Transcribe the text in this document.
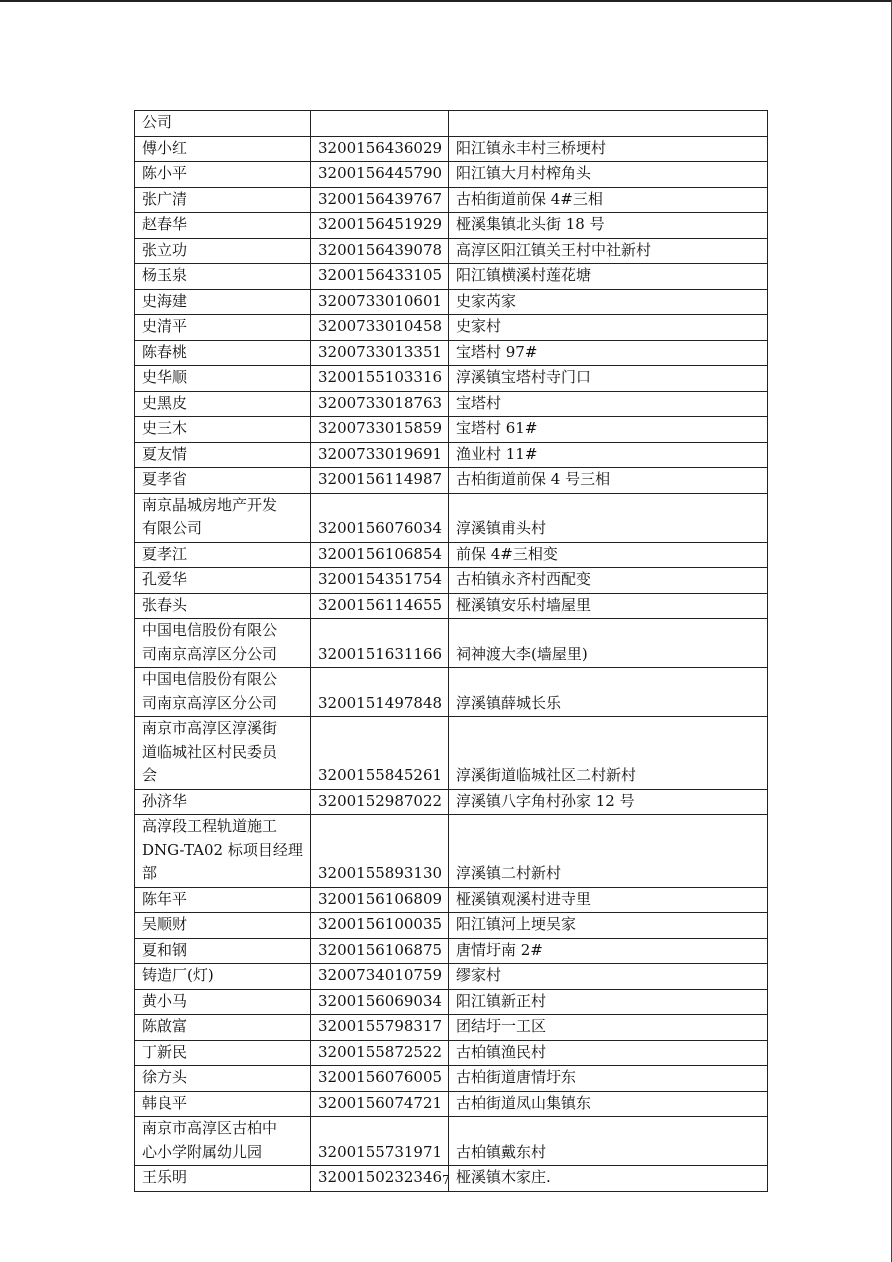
公司		
傅小红	3200156436029	阳江镇永丰村三桥埂村
陈小平	3200156445790	阳江镇大月村榨角头
张广清	3200156439767	古柏街道前保 4#三相
赵春华	3200156451929	桠溪集镇北头街 18 号
张立功	3200156439078	高淳区阳江镇关王村中社新村
杨玉泉	3200156433105	阳江镇横溪村莲花塘
史海建	3200733010601	史家芮家
史清平	3200733010458	史家村
陈春桃	3200733013351	宝塔村 97#
史华顺	3200155103316	淳溪镇宝塔村寺门口
史黑皮	3200733018763	宝塔村
史三木	3200733015859	宝塔村 61#
夏友情	3200733019691	渔业村 11#
夏孝省	3200156114987	古柏街道前保 4 号三相
南京晶城房地产开发
有限公司	3200156076034	淳溪镇甫头村
夏孝江	3200156106854	前保 4#三相变
孔爱华	3200154351754	古柏镇永齐村西配变
张春头	3200156114655	桠溪镇安乐村墙屋里
中国电信股份有限公
司南京高淳区分公司	3200151631166	祠神渡大李(墙屋里)
中国电信股份有限公
司南京高淳区分公司	3200151497848	淳溪镇薛城长乐
南京市高淳区淳溪街
道临城社区村民委员
会	3200155845261	淳溪街道临城社区二村新村
孙济华	3200152987022	淳溪镇八字角村孙家 12 号
高淳段工程轨道施工
DNG-TA02 标项目经理
部	3200155893130	淳溪镇二村新村
陈年平	3200156106809	桠溪镇观溪村进寺里
吴顺财	3200156100035	阳江镇河上埂吴家
夏和钢	3200156106875	唐情圩南 2#
铸造厂(灯)	3200734010759	缪家村
黄小马	3200156069034	阳江镇新正村
陈啟富	3200155798317	团结圩一工区
丁新民	3200155872522	古柏镇渔民村
徐方头	3200156076005	古柏街道唐情圩东
韩良平	3200156074721	古柏街道凤山集镇东
南京市高淳区古柏中
心小学附属幼儿园	3200155731971	古柏镇戴东村
王乐明	3200150232346	桠溪镇木家庄.
7
